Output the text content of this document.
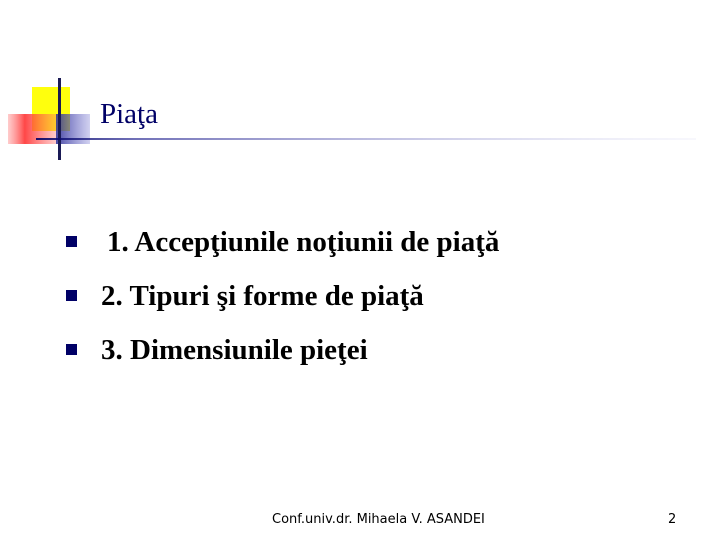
Piaţa
1. Accepţiunile noţiunii de piaţă
2. Tipuri şi forme de piaţă
3. Dimensiunile pieţei
Conf.univ.dr. Mihaela V. ASANDEI	2
